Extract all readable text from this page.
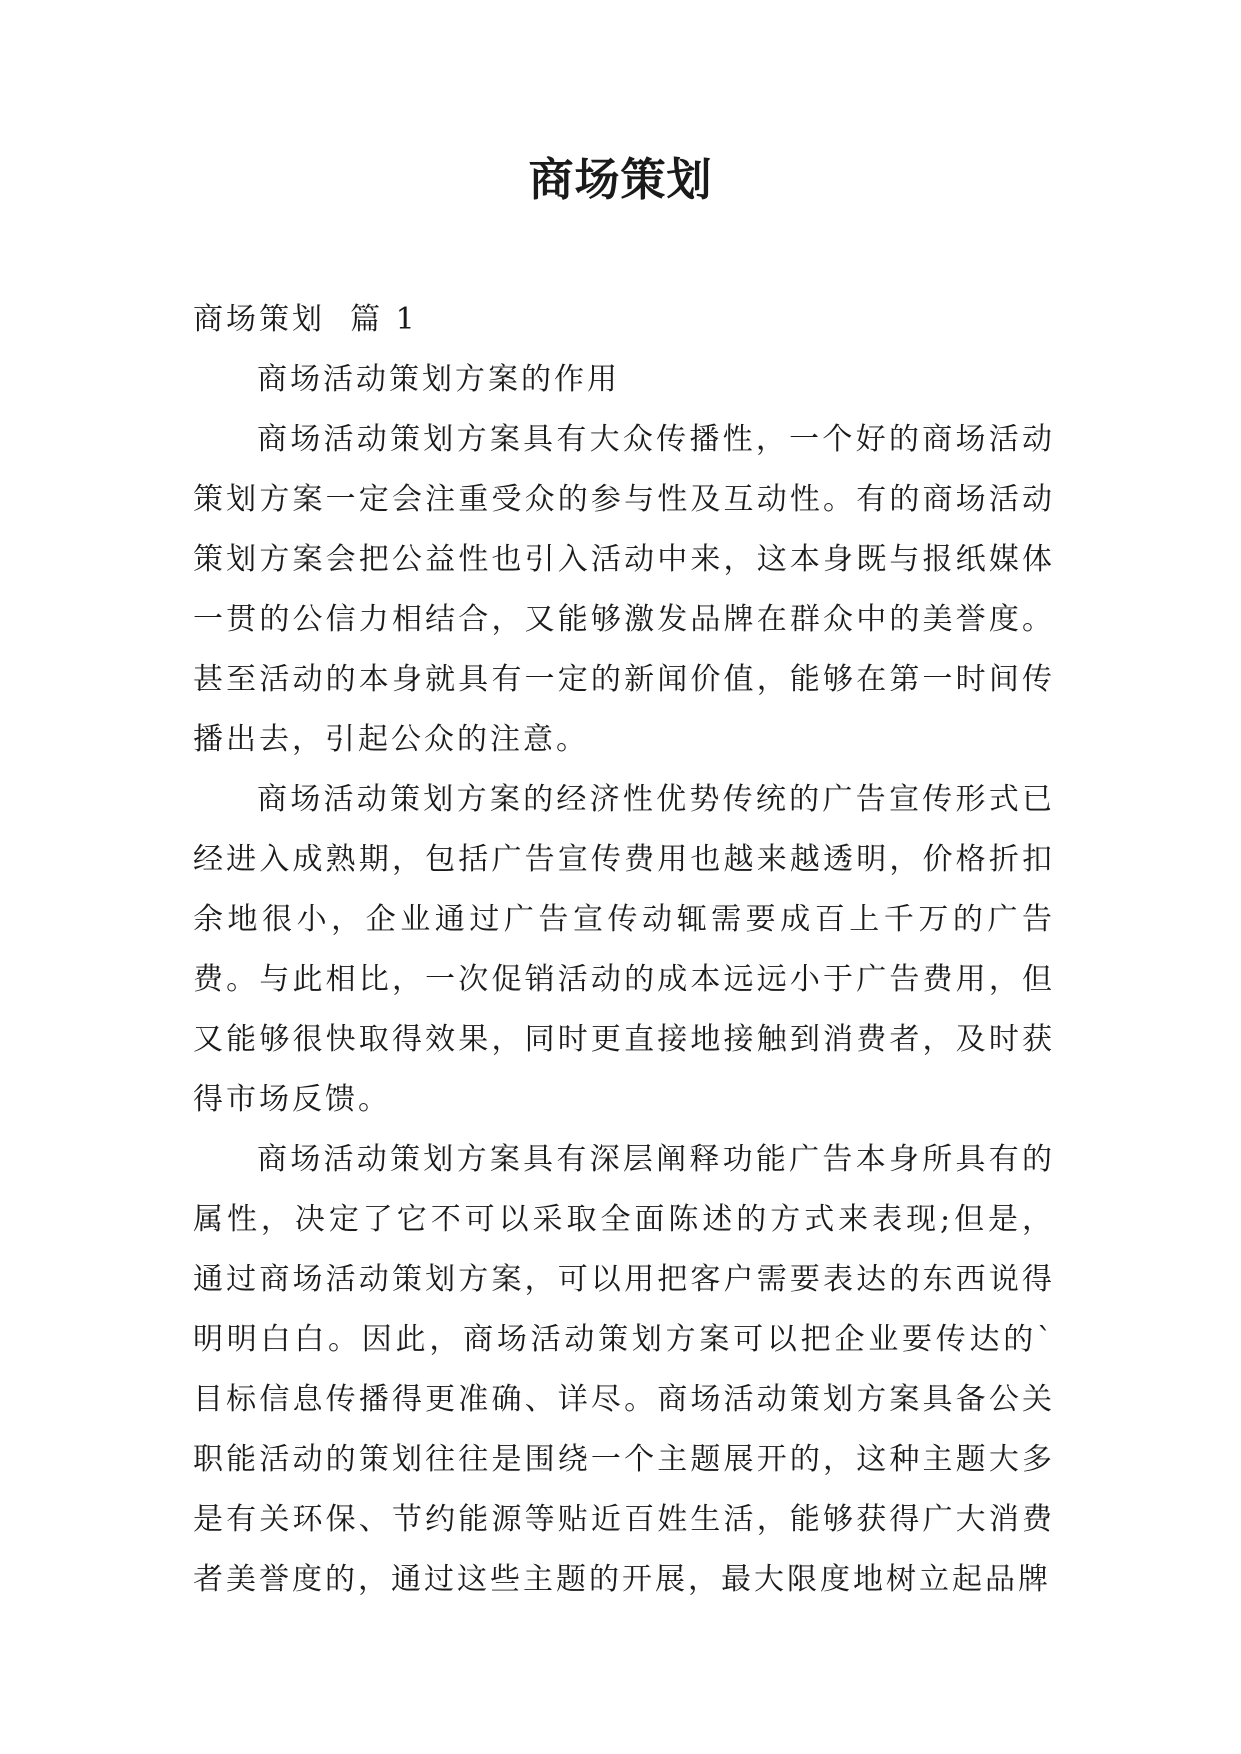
商场策划
商场策划  篇 1

商场活动策划方案的作用

商场活动策划方案具有大众传播性，一个好的商场活动策划方案一定会注重受众的参与性及互动性。有的商场活动策划方案会把公益性也引入活动中来，这本身既与报纸媒体一贯的公信力相结合，又能够激发品牌在群众中的美誉度。甚至活动的本身就具有一定的新闻价值，能够在第一时间传播出去，引起公众的注意。

商场活动策划方案的经济性优势传统的广告宣传形式已经进入成熟期，包括广告宣传费用也越来越透明，价格折扣余地很小，企业通过广告宣传动辄需要成百上千万的广告费。与此相比，一次促销活动的成本远远小于广告费用，但又能够很快取得效果，同时更直接地接触到消费者，及时获得市场反馈。

商场活动策划方案具有深层阐释功能广告本身所具有的属性，决定了它不可以采取全面陈述的方式来表现;但是，通过商场活动策划方案，可以用把客户需要表达的东西说得明明白白。因此，商场活动策划方案可以把企业要传达的`目标信息传播得更准确、详尽。商场活动策划方案具备公关职能活动的策划往往是围绕一个主题展开的，这种主题大多是有关环保、节约能源等贴近百姓生活，能够获得广大消费者美誉度的，通过这些主题的开展，最大限度地树立起品牌
